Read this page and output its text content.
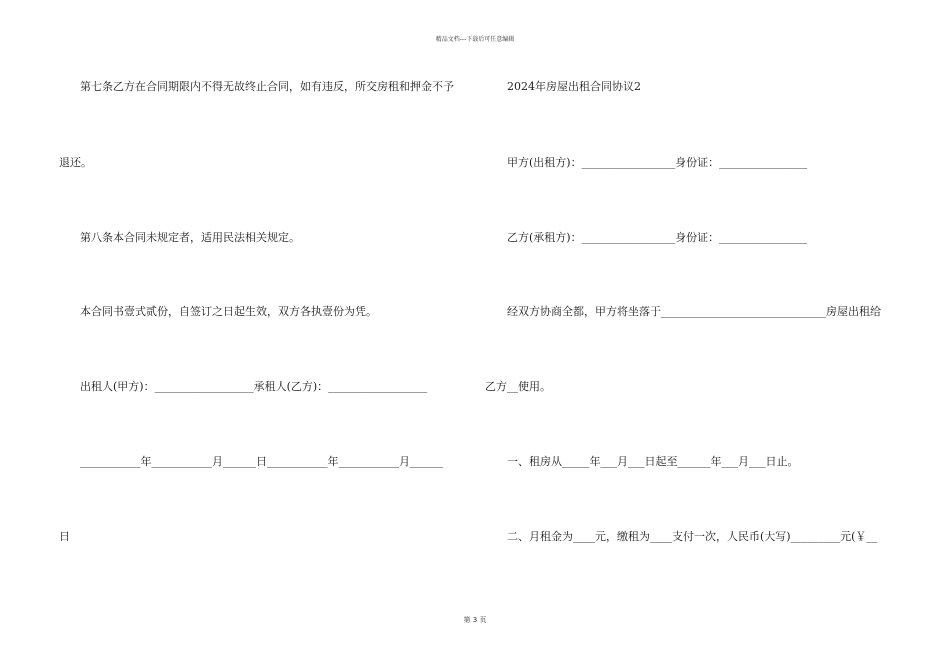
精品文档---下载后可任意编辑
第七条乙方在合同期限内不得无故终止合同，如有违反，所交房租和押金不予
退还。
第八条本合同未规定者，适用民法相关规定。
本合同书壹式贰份，自签订之日起生效，双方各执壹份为凭。
出租人(甲方)：__________________承租人(乙方)：__________________
___________年___________月______日___________年___________月______
日
2024年房屋出租合同协议2
甲方(出租方)：_________________身份证：________________
乙方(承租方)：_________________身份证：________________
经双方协商全都，甲方将坐落于______________________________房屋出租给
乙方__使用。
一、租房从_____年___月___日起至______年___月___日止。
二、月租金为____元，缴租为____支付一次，人民币(大写)_________元(￥__
第 3 页
